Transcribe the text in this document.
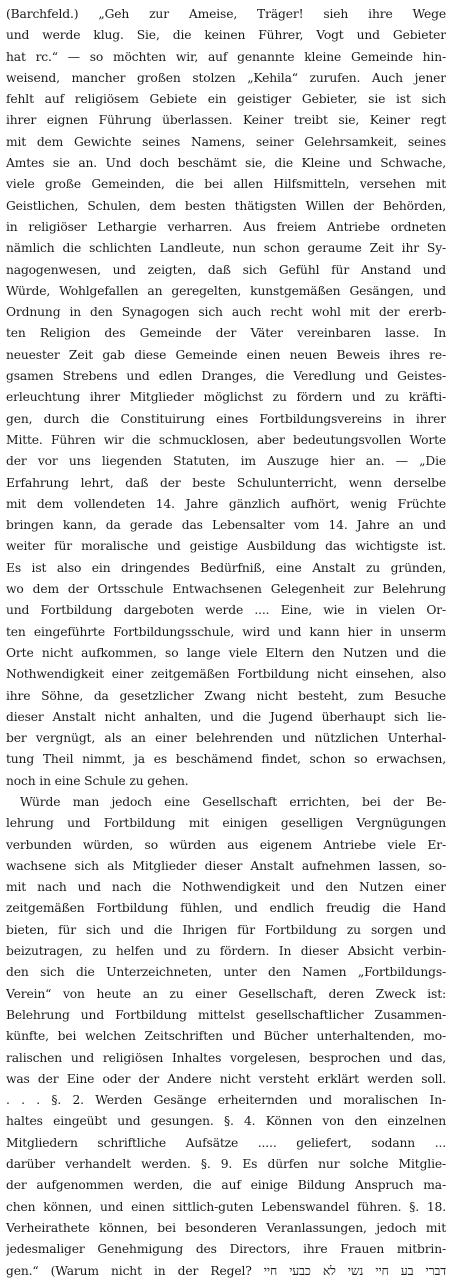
(Barchfeld.) „Geh zur Ameise, Träger! sieh ihre Wege
und werde klug. Sie, die keinen Führer, Vogt und Gebieter
hat rc.“ — so möchten wir, auf genannte kleine Gemeinde hin-
weisend, mancher großen stolzen „Kehila“ zurufen. Auch jener
fehlt auf religiösem Gebiete ein geistiger Gebieter, sie ist sich
ihrer eignen Führung überlassen. Keiner treibt sie, Keiner regt
mit dem Gewichte seines Namens, seiner Gelehrsamkeit, seines
Amtes sie an. Und doch beschämt sie, die Kleine und Schwache,
viele große Gemeinden, die bei allen Hilfsmitteln, versehen mit
Geistlichen, Schulen, dem besten thätigsten Willen der Behörden,
in religiöser Lethargie verharren. Aus freiem Antriebe ordneten
nämlich die schlichten Landleute, nun schon geraume Zeit ihr Sy-
nagogenwesen, und zeigten, daß sich Gefühl für Anstand und
Würde, Wohlgefallen an geregelten, kunstgemäßen Gesängen, und
Ordnung in den Synagogen sich auch recht wohl mit der ererb-
ten Religion des Gemeinde der Väter vereinbaren lasse. In
neuester Zeit gab diese Gemeinde einen neuen Beweis ihres re-
gsamen Strebens und edlen Dranges, die Veredlung und Geistes-
erleuchtung ihrer Mitglieder möglichst zu fördern und zu kräfti-
gen, durch die Constituirung eines Fortbildungsvereins in ihrer
Mitte. Führen wir die schmucklosen, aber bedeutungsvollen Worte
der vor uns liegenden Statuten, im Auszuge hier an. — „Die
Erfahrung lehrt, daß der beste Schulunterricht, wenn derselbe
mit dem vollendeten 14. Jahre gänzlich aufhört, wenig Früchte
bringen kann, da gerade das Lebensalter vom 14. Jahre an und
weiter für moralische und geistige Ausbildung das wichtigste ist.
Es ist also ein dringendes Bedürfniß, eine Anstalt zu gründen,
wo dem der Ortsschule Entwachsenen Gelegenheit zur Belehrung
und Fortbildung dargeboten werde .... Eine, wie in vielen Or-
ten eingeführte Fortbildungsschule, wird und kann hier in unserm
Orte nicht aufkommen, so lange viele Eltern den Nutzen und die
Nothwendigkeit einer zeitgemäßen Fortbildung nicht einsehen, also
ihre Söhne, da gesetzlicher Zwang nicht besteht, zum Besuche
dieser Anstalt nicht anhalten, und die Jugend überhaupt sich lie-
ber vergnügt, als an einer belehrenden und nützlichen Unterhal-
tung Theil nimmt, ja es beschämend findet, schon so erwachsen,
noch in eine Schule zu gehen.
Würde man jedoch eine Gesellschaft errichten, bei der Be-
lehrung und Fortbildung mit einigen geselligen Vergnügungen
verbunden würden, so würden aus eigenem Antriebe viele Er-
wachsene sich als Mitglieder dieser Anstalt aufnehmen lassen, so-
mit nach und nach die Nothwendigkeit und den Nutzen einer
zeitgemäßen Fortbildung fühlen, und endlich freudig die Hand
bieten, für sich und die Ihrigen für Fortbildung zu sorgen und
beizutragen, zu helfen und zu fördern. In dieser Absicht verbin-
den sich die Unterzeichneten, unter den Namen „Fortbildungs-
Verein“ von heute an zu einer Gesellschaft, deren Zweck ist:
Belehrung und Fortbildung mittelst gesellschaftlicher Zusammen-
künfte, bei welchen Zeitschriften und Bücher unterhaltenden, mo-
ralischen und religiösen Inhaltes vorgelesen, besprochen und das,
was der Eine oder der Andere nicht versteht erklärt werden soll.
. . . §. 2. Werden Gesänge erheiternden und moralischen In-
haltes eingeübt und gesungen. §. 4. Können von den einzelnen
Mitgliedern schriftliche Aufsätze ..... geliefert, sodann ...
darüber verhandelt werden. §. 9. Es dürfen nur solche Mitglie-
der aufgenommen werden, die auf einige Bildung Anspruch ma-
chen können, und einen sittlich-guten Lebenswandel führen. §. 18.
Verheirathete können, bei besonderen Veranlassungen, jedoch mit
jedesmaliger Genehmigung des Directors, ihre Frauen mitbrin-
gen.“ (Warum nicht in der Regel? דברי בע חיי נשי לא כבעי חיי
